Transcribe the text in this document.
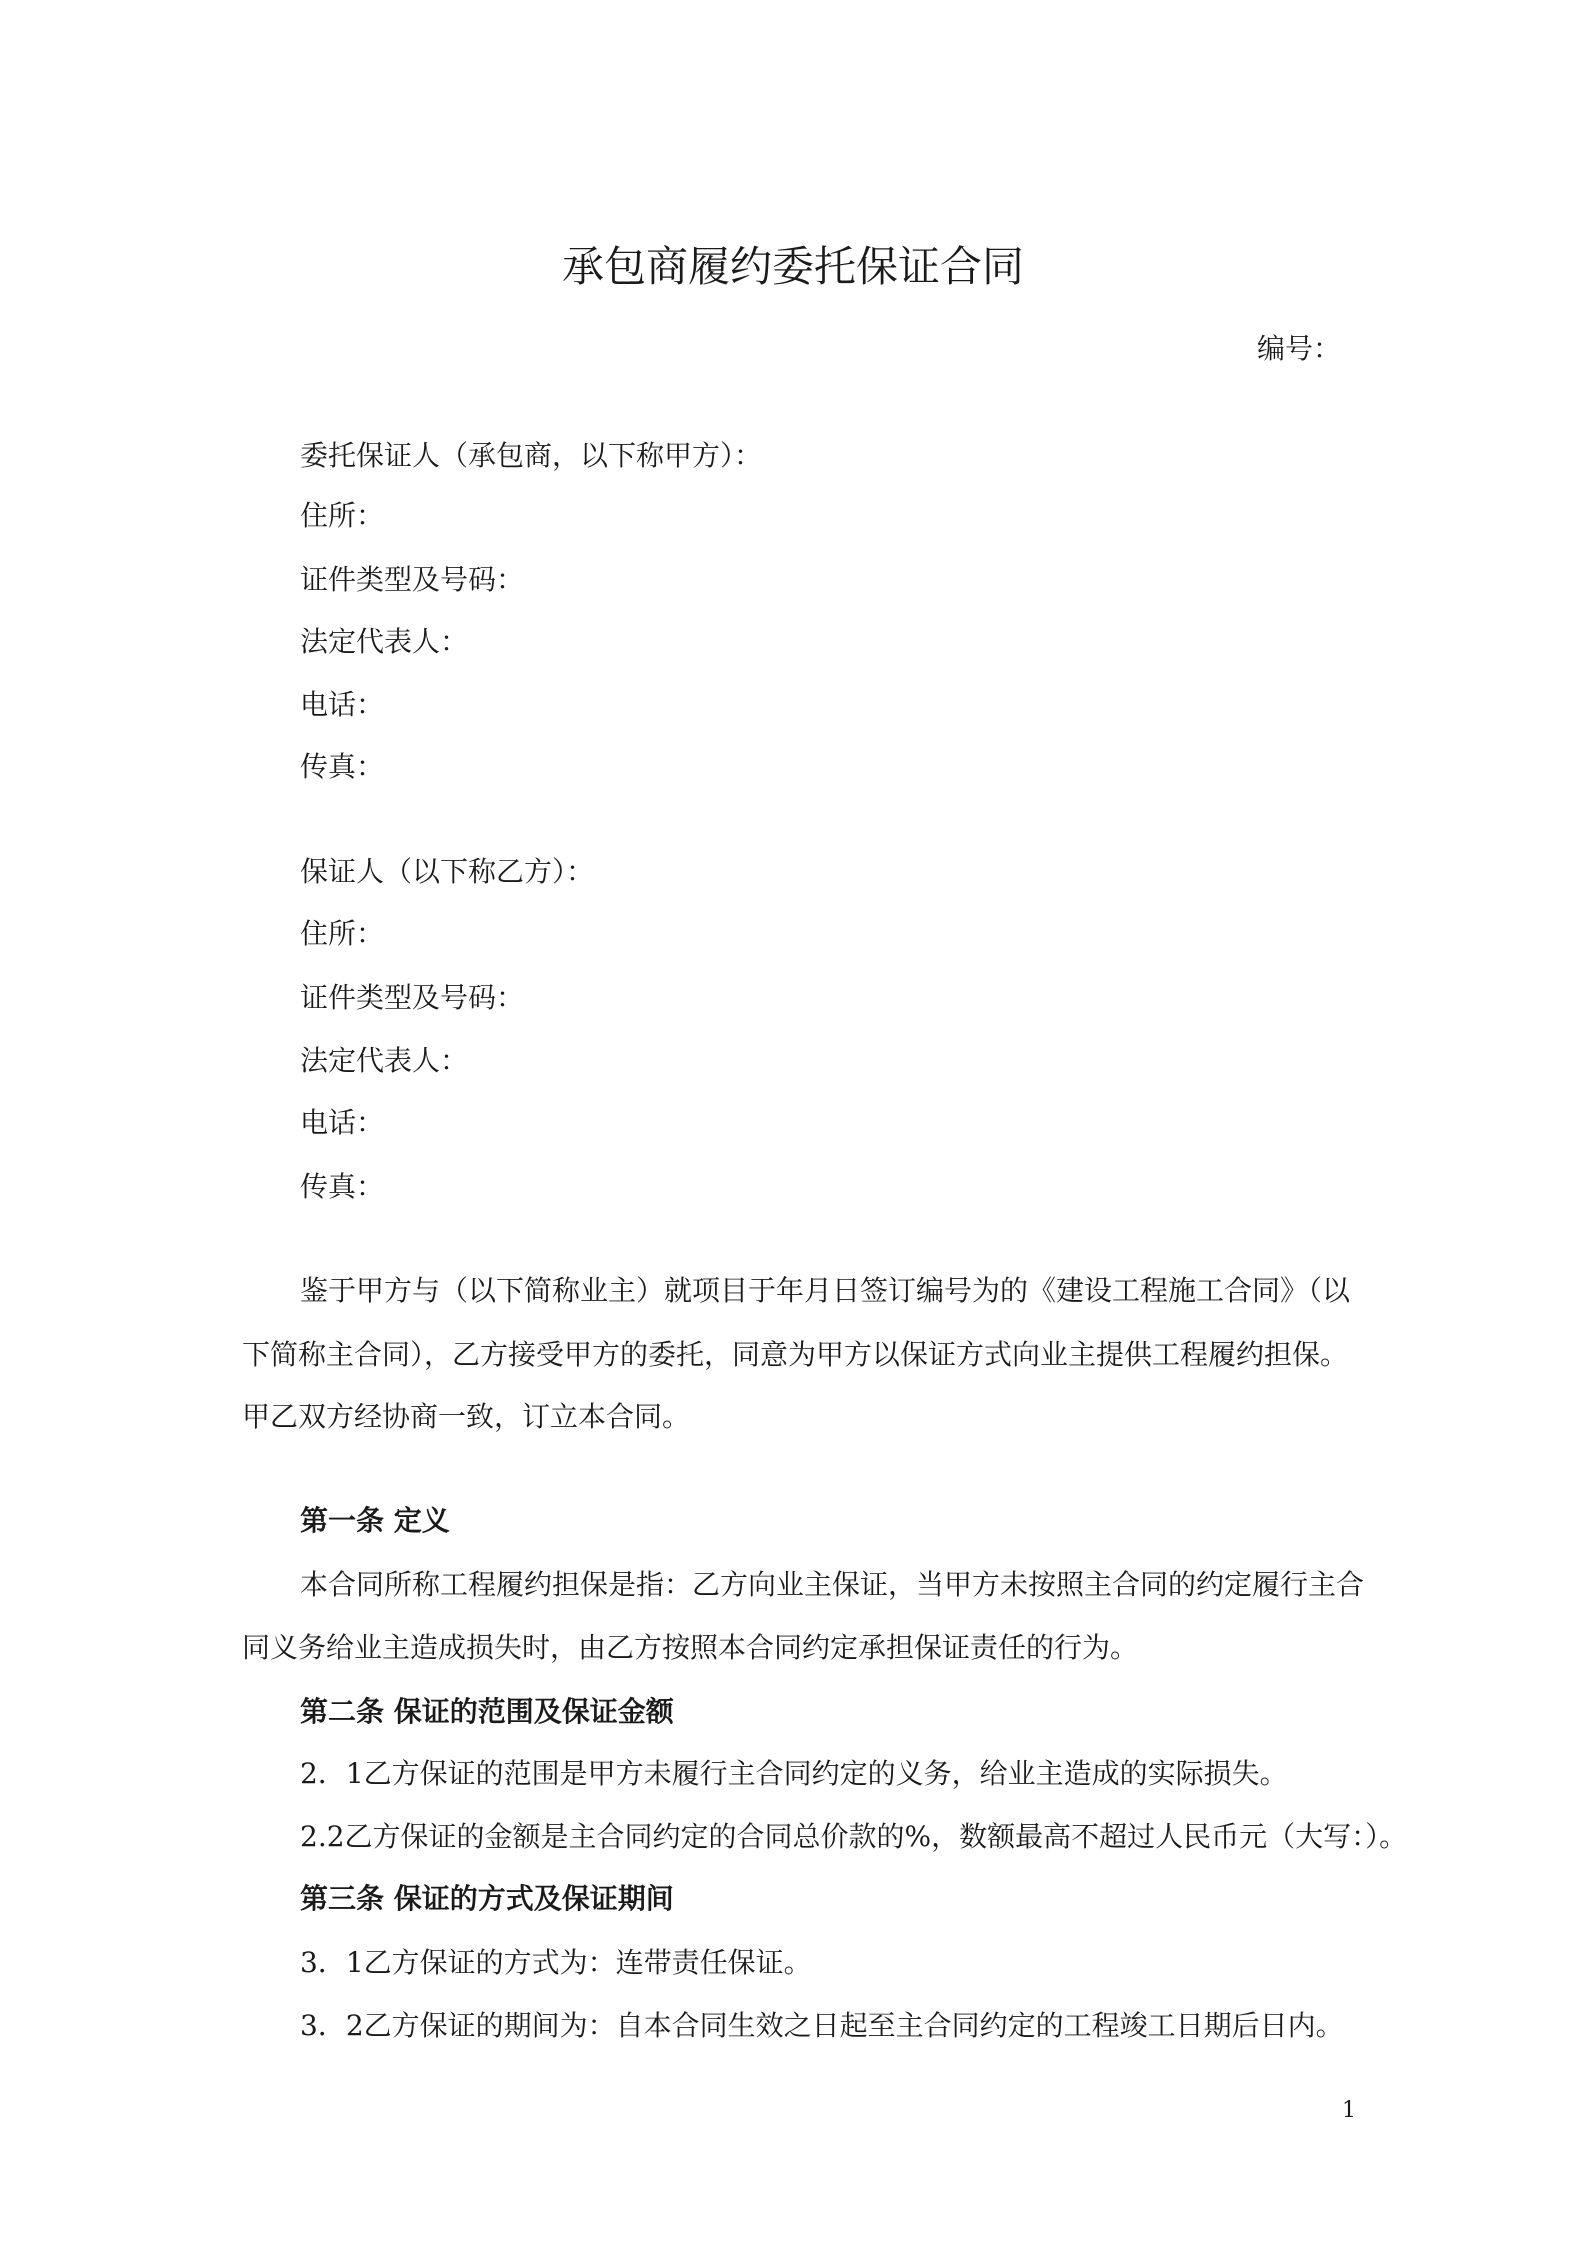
承包商履约委托保证合同
编号：
委托保证人（承包商，以下称甲方）：
住所：
证件类型及号码：
法定代表人：
电话：
传真：
保证人（以下称乙方）：
住所：
证件类型及号码：
法定代表人：
电话：
传真：
鉴于甲方与（以下简称业主）就项目于年月日签订编号为的《建设工程施工合同》（以
下简称主合同），乙方接受甲方的委托，同意为甲方以保证方式向业主提供工程履约担保。
甲乙双方经协商一致，订立本合同。
第一条 定义
本合同所称工程履约担保是指：乙方向业主保证，当甲方未按照主合同的约定履行主合
同义务给业主造成损失时，由乙方按照本合同约定承担保证责任的行为。
第二条 保证的范围及保证金额
2．1乙方保证的范围是甲方未履行主合同约定的义务，给业主造成的实际损失。
2.2乙方保证的金额是主合同约定的合同总价款的%，数额最高不超过人民币元（大写：）。
第三条 保证的方式及保证期间
3．1乙方保证的方式为：连带责任保证。
3．2乙方保证的期间为：自本合同生效之日起至主合同约定的工程竣工日期后日内。
1
